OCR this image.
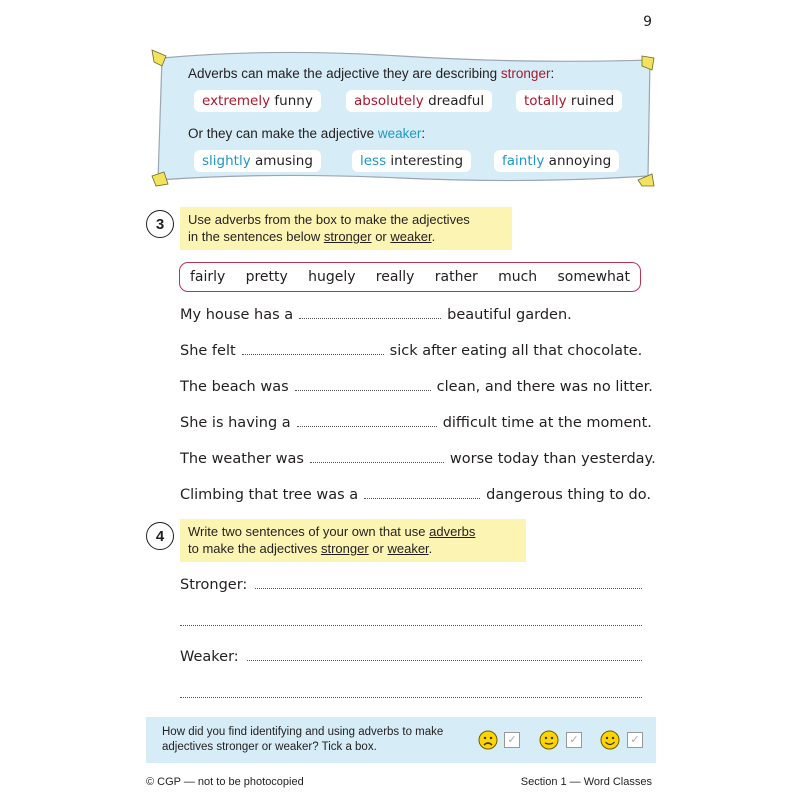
9
Adverbs can make the adjective they are describing stronger:
extremely funny	absolutely dreadful	totally ruined
Or they can make the adjective weaker:
slightly amusing	less interesting	faintly annoying
3	Use adverbs from the box to make the adjectives
in the sentences below stronger or weaker.
fairly pretty hugely really rather much somewhat
My house has a	beautiful garden.
She felt	sick after eating all that chocolate.
The beach was	clean, and there was no litter.
She is having a	difficult time at the moment.
The weather was	worse today than yesterday.
Climbing that tree was a	dangerous thing to do.
4	Write two sentences of your own that use adverbs
to make the adjectives stronger or weaker.
Stronger:
Weaker:
How did you find identifying and using adverbs to make
adjectives stronger or weaker? Tick a box.
✓	✓	✓
© CGP — not to be photocopied	Section 1 — Word Classes
